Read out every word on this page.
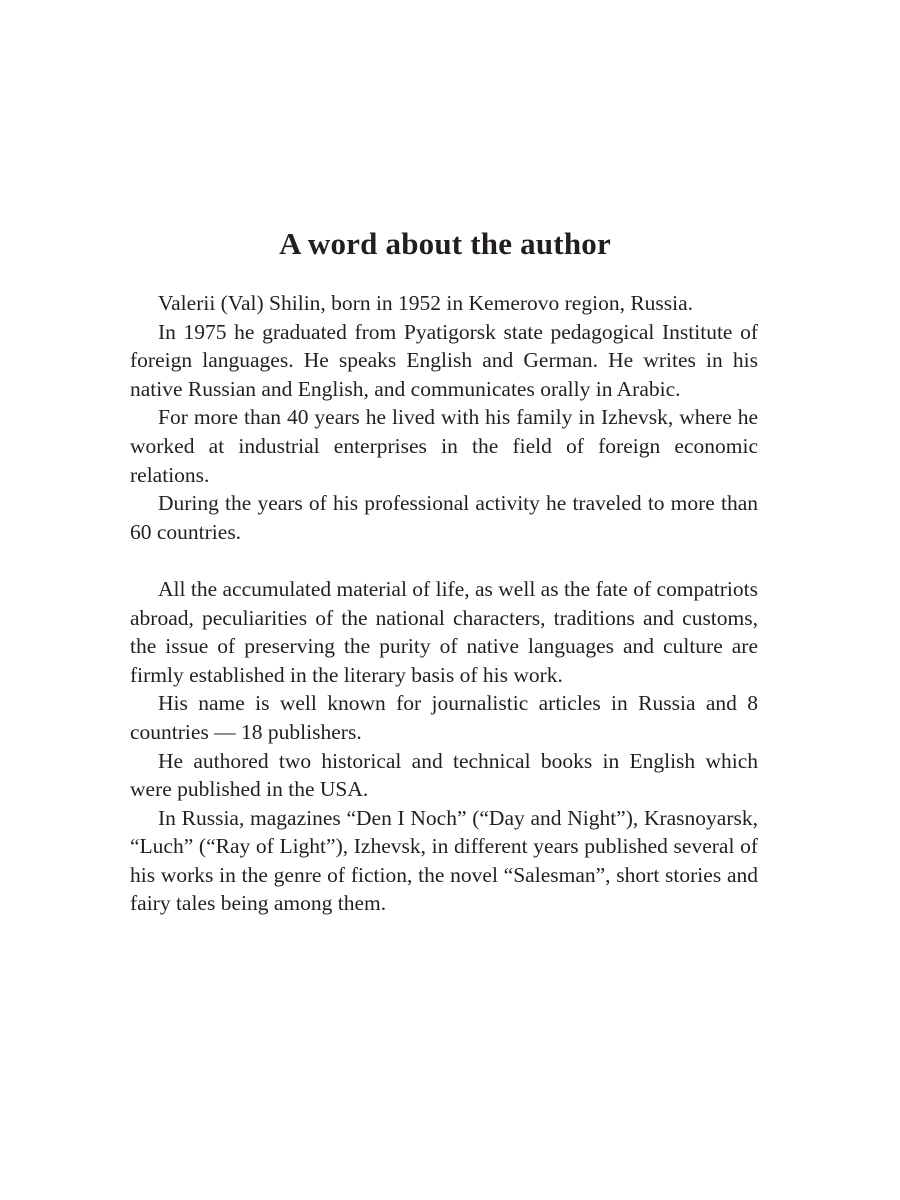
A word about the author

Valerii (Val) Shilin, born in 1952 in Kemerovo region, Russia.

In 1975 he graduated from Pyatigorsk state pedagogical Institute of foreign languages. He speaks English and German. He writes in his native Russian and English, and communicates orally in Arabic.

For more than 40 years he lived with his family in Izhevsk, where he worked at industrial enterprises in the field of foreign economic relations.

During the years of his professional activity he traveled to more than 60 countries.

All the accumulated material of life, as well as the fate of compatriots abroad, peculiarities of the national characters, traditions and customs, the issue of preserving the purity of native languages and culture are firmly established in the literary basis of his work.

His name is well known for journalistic articles in Russia and 8 countries — 18 publishers.

He authored two historical and technical books in English which were published in the USA.

In Russia, magazines “Den I Noch” (“Day and Night”), Krasnoyarsk, “Luch” (“Ray of Light”), Izhevsk, in different years published several of his works in the genre of fiction, the novel “Salesman”, short stories and fairy tales being among them.
